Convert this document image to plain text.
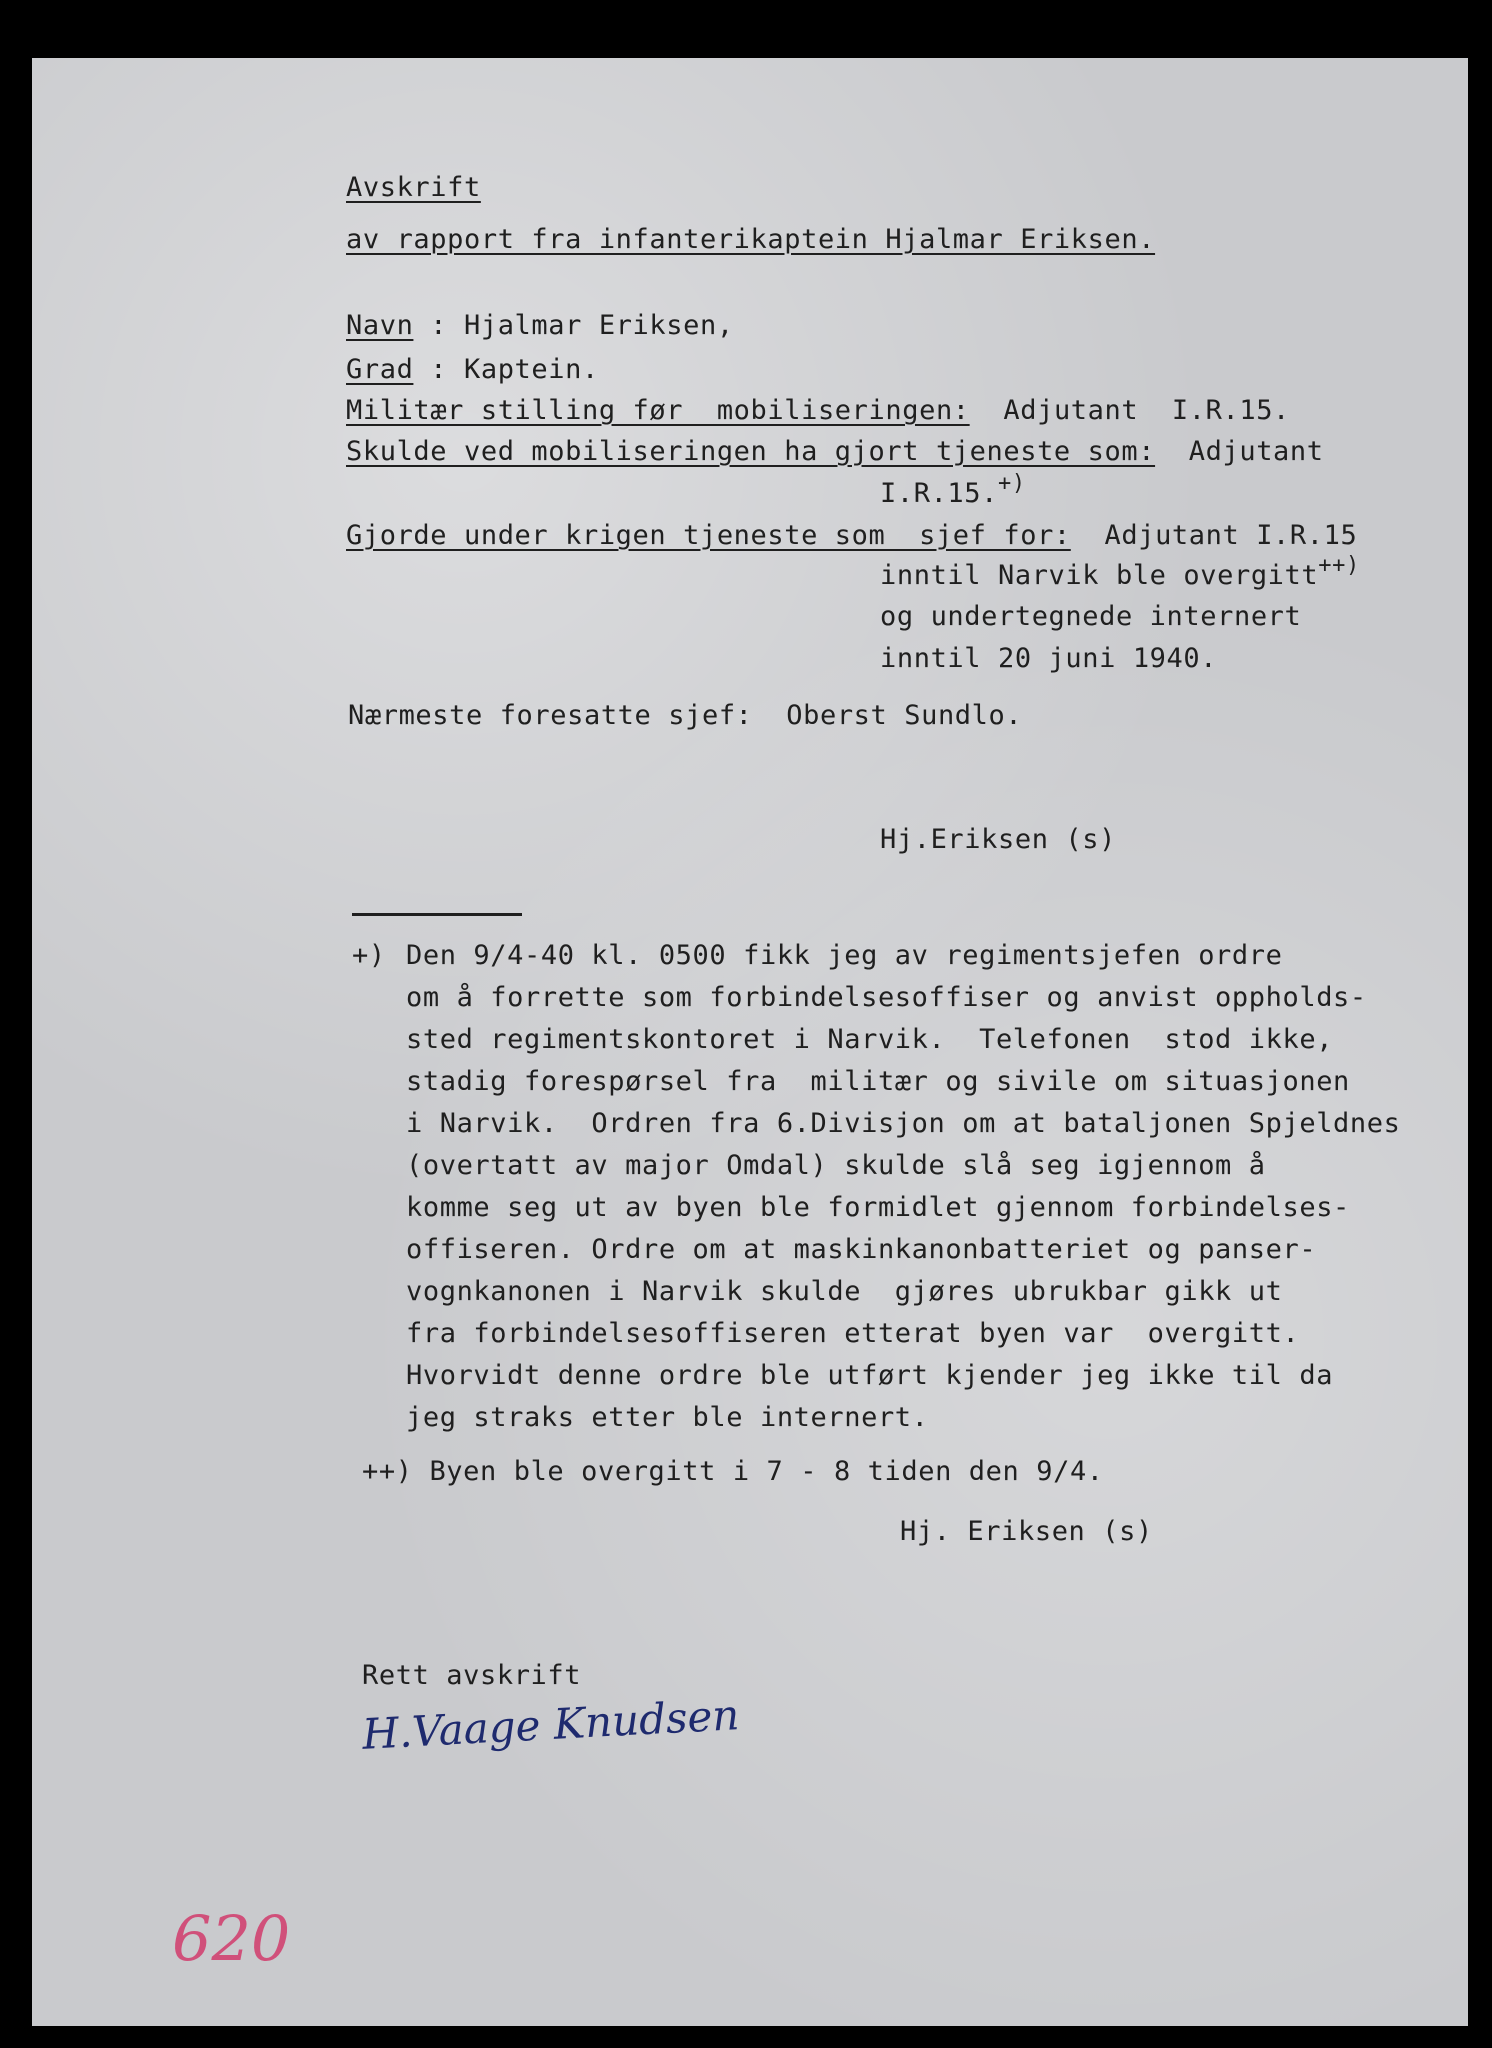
Avskrift
av rapport fra infanterikaptein Hjalmar Eriksen.
Navn : Hjalmar Eriksen,
Grad : Kaptein.
Militær stilling før  mobiliseringen: Adjutant  I.R.15.
Skulde ved mobiliseringen ha gjort tjeneste som: Adjutant
I.R.15.+)
Gjorde under krigen tjeneste som  sjef for: Adjutant I.R.15
inntil Narvik ble overgitt++)
og undertegnede internert
inntil 20 juni 1940.
Nærmeste foresatte sjef: Oberst Sundlo.
Hj.Eriksen (s)
+) Den 9/4-40 kl. 0500 fikk jeg av regimentsjefen ordre
om å forrette som forbindelsesoffiser og anvist oppholds-
sted regimentskontoret i Narvik.  Telefonen  stod ikke,
stadig forespørsel fra  militær og sivile om situasjonen
i Narvik.  Ordren fra 6.Divisjon om at bataljonen Spjeldnes
(overtatt av major Omdal) skulde slå seg igjennom å
komme seg ut av byen ble formidlet gjennom forbindelses-
offiseren. Ordre om at maskinkanonbatteriet og panser-
vognkanonen i Narvik skulde  gjøres ubrukbar gikk ut
fra forbindelsesoffiseren etterat byen var  overgitt.
Hvorvidt denne ordre ble utført kjender jeg ikke til da
jeg straks etter ble internert.
++) Byen ble overgitt i 7 - 8 tiden den 9/4.
Hj. Eriksen (s)
Rett avskrift
H.Vaage Knudsen
620
